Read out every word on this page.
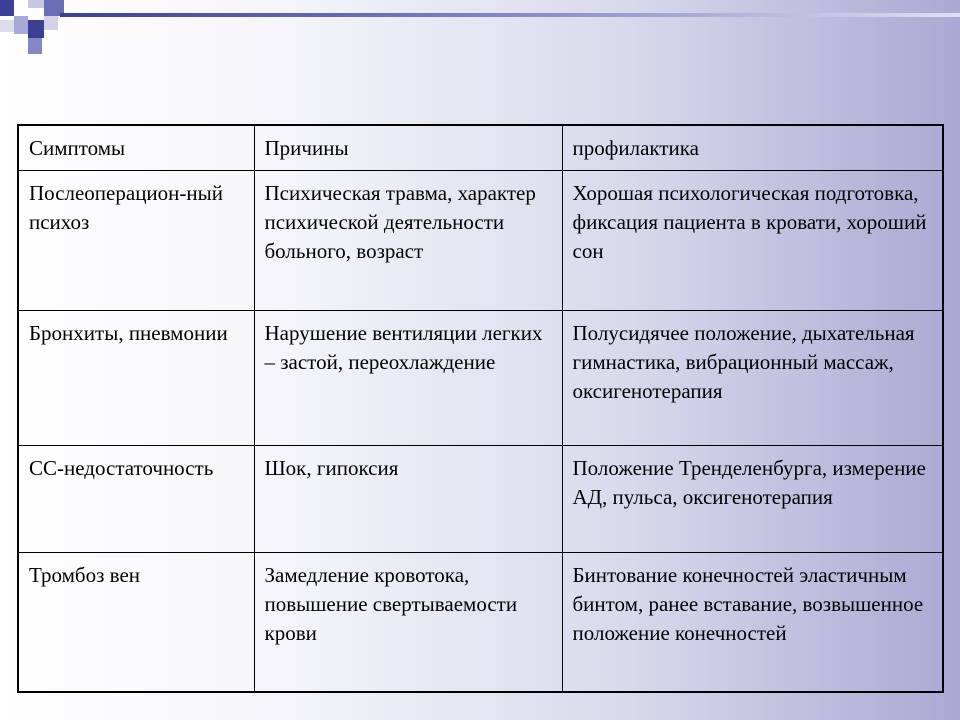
Симптомы	Причины	профилактика
Послеоперацион-ный психоз	Психическая травма, характер психической деятельности больного, возраст	Хорошая психологическая подготовка, фиксация пациента в кровати, хороший сон
Бронхиты, пневмонии	Нарушение вентиляции легких – застой, переохлаждение	Полусидячее положение, дыхательная гимнастика, вибрационный массаж, оксигенотерапия
СС-недостаточность	Шок, гипоксия	Положение Тренделенбурга, измерение АД, пульса, оксигенотерапия
Тромбоз вен	Замедление кровотока, повышение свертываемости крови	Бинтование конечностей эластичным бинтом, ранее вставание, возвышенное положение конечностей
